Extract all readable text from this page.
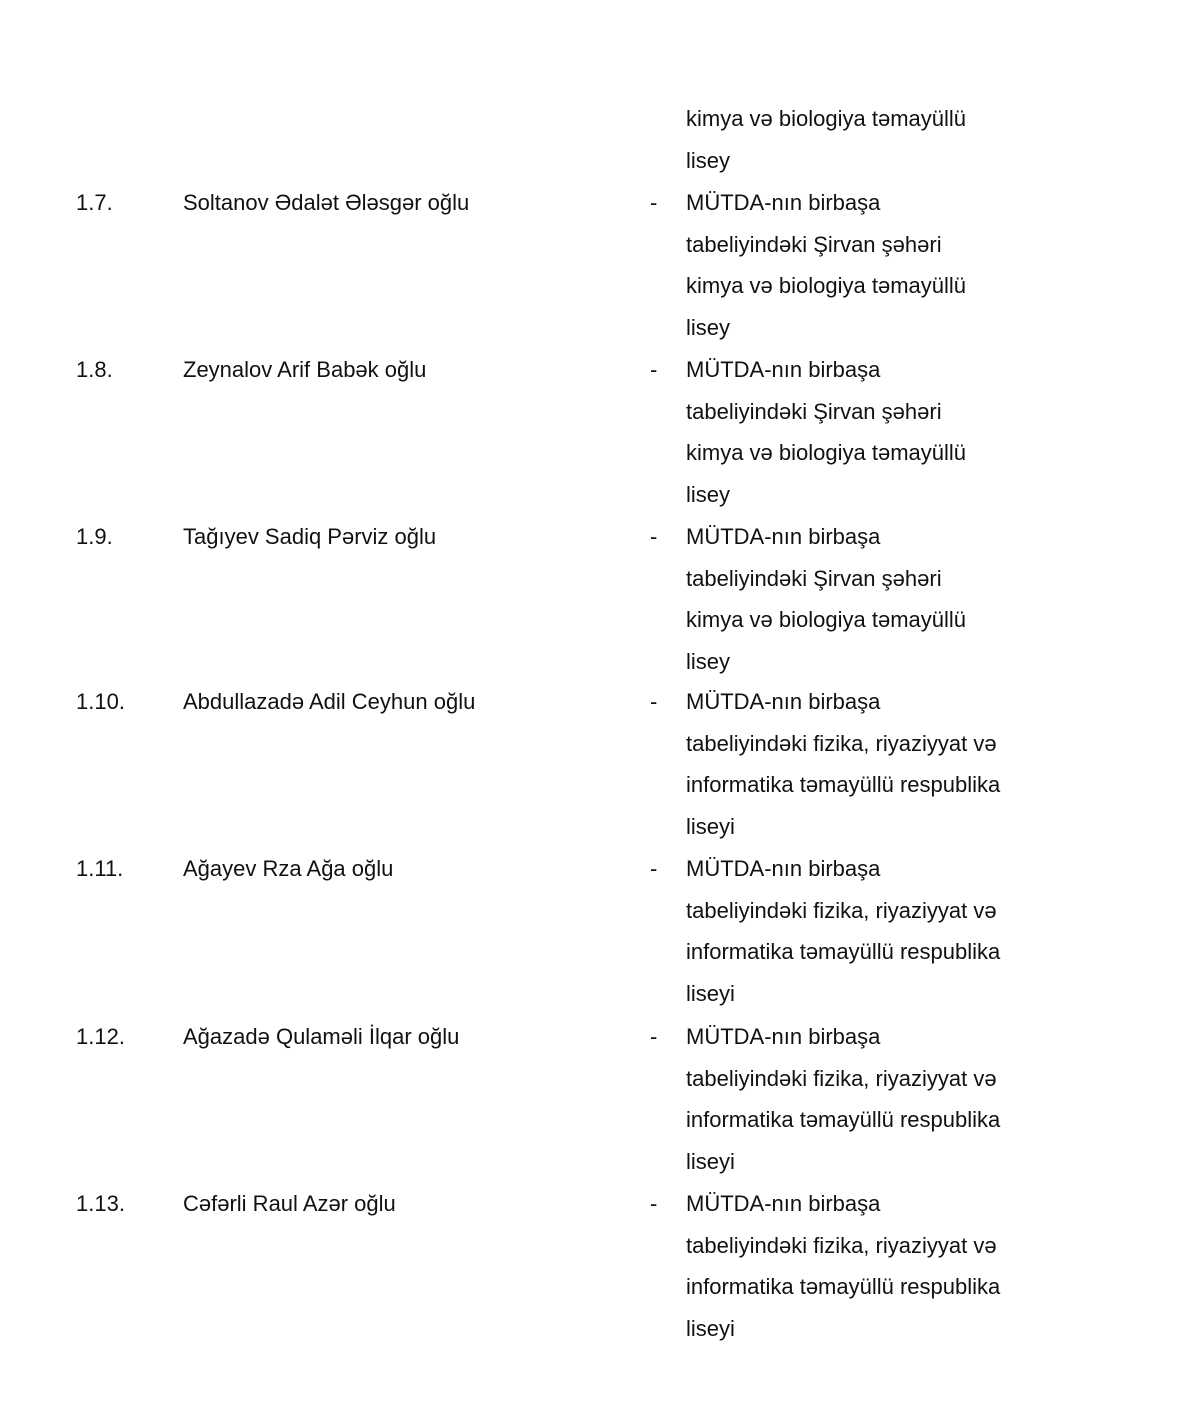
kimya və biologiya təmayüllü
lisey
1.7.	Soltanov Ədalət Ələsgər oğlu	- MÜTDA-nın birbaşa
tabeliyindəki Şirvan şəhəri
kimya və biologiya təmayüllü
lisey
1.8.	Zeynalov Arif Babək oğlu	- MÜTDA-nın birbaşa
tabeliyindəki Şirvan şəhəri
kimya və biologiya təmayüllü
lisey
1.9.	Tağıyev Sadiq Pərviz oğlu	- MÜTDA-nın birbaşa
tabeliyindəki Şirvan şəhəri
kimya və biologiya təmayüllü
lisey
1.10.	Abdullazadə Adil Ceyhun oğlu	- MÜTDA-nın birbaşa
tabeliyindəki fizika, riyaziyyat və
informatika təmayüllü respublika
liseyi
1.11.	Ağayev Rza Ağa oğlu	- MÜTDA-nın birbaşa
tabeliyindəki fizika, riyaziyyat və
informatika təmayüllü respublika
liseyi
1.12.	Ağazadə Qulaməli İlqar oğlu	- MÜTDA-nın birbaşa
tabeliyindəki fizika, riyaziyyat və
informatika təmayüllü respublika
liseyi
1.13.	Cəfərli Raul Azər oğlu	- MÜTDA-nın birbaşa
tabeliyindəki fizika, riyaziyyat və
informatika təmayüllü respublika
liseyi
